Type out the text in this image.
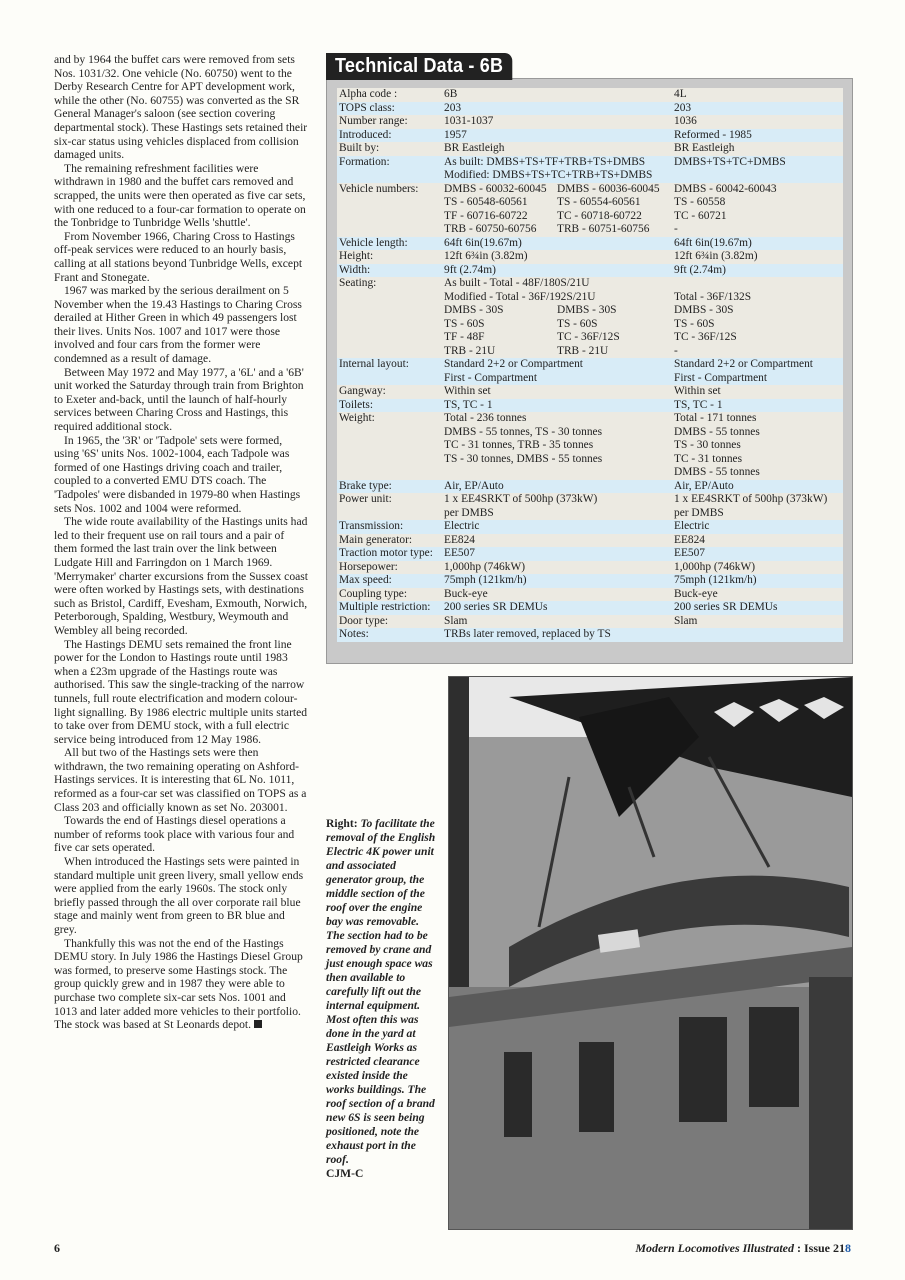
and by 1964 the buffet cars were removed from sets Nos. 1031/32. One vehicle (No. 60750) went to the Derby Research Centre for APT development work, while the other (No. 60755) was converted as the SR General Manager's saloon (see section covering departmental stock). These Hastings sets retained their six-car status using vehicles displaced from collision damaged units.

The remaining refreshment facilities were withdrawn in 1980 and the buffet cars removed and scrapped, the units were then operated as five car sets, with one reduced to a four-car formation to operate on the Tonbridge to Tunbridge Wells 'shuttle'.

From November 1966, Charing Cross to Hastings off-peak services were reduced to an hourly basis, calling at all stations beyond Tunbridge Wells, except Frant and Stonegate.

1967 was marked by the serious derailment on 5 November when the 19.43 Hastings to Charing Cross derailed at Hither Green in which 49 passengers lost their lives. Units Nos. 1007 and 1017 were those involved and four cars from the former were condemned as a result of damage.

Between May 1972 and May 1977, a '6L' and a '6B' unit worked the Saturday through train from Brighton to Exeter and-back, until the launch of half-hourly services between Charing Cross and Hastings, this required additional stock.

In 1965, the '3R' or 'Tadpole' sets were formed, using '6S' units Nos. 1002-1004, each Tadpole was formed of one Hastings driving coach and trailer, coupled to a converted EMU DTS coach. The 'Tadpoles' were disbanded in 1979-80 when Hastings sets Nos. 1002 and 1004 were reformed.

The wide route availability of the Hastings units had led to their frequent use on rail tours and a pair of them formed the last train over the link between Ludgate Hill and Farringdon on 1 March 1969. 'Merrymaker' charter excursions from the Sussex coast were often worked by Hastings sets, with destinations such as Bristol, Cardiff, Evesham, Exmouth, Norwich, Peterborough, Spalding, Westbury, Weymouth and Wembley all being recorded.

The Hastings DEMU sets remained the front line power for the London to Hastings route until 1983 when a £23m upgrade of the Hastings route was authorised. This saw the single-tracking of the narrow tunnels, full route electrification and modern colour-light signalling. By 1986 electric multiple units started to take over from DEMU stock, with a full electric service being introduced from 12 May 1986.

All but two of the Hastings sets were then withdrawn, the two remaining operating on Ashford-Hastings services. It is interesting that 6L No. 1011, reformed as a four-car set was classified on TOPS as a Class 203 and officially known as set No. 203001.

Towards the end of Hastings diesel operations a number of reforms took place with various four and five car sets operated.

When introduced the Hastings sets were painted in standard multiple unit green livery, small yellow ends were applied from the early 1960s. The stock only briefly passed through the all over corporate rail blue stage and mainly went from green to BR blue and grey.

Thankfully this was not the end of the Hastings DEMU story. In July 1986 the Hastings Diesel Group was formed, to preserve some Hastings stock. The group quickly grew and in 1987 they were able to purchase two complete six-car sets Nos. 1001 and 1013 and later added more vehicles to their portfolio. The stock was based at St Leonards depot.

Technical Data - 6B
Alpha code :	6B		4L
TOPS class:	203		203
Number range:	1031-1037		1036
Introduced:	1957		Reformed - 1985
Built by:	BR Eastleigh		BR Eastleigh
Formation:	As built: DMBS+TS+TF+TRB+TS+DMBS		DMBS+TS+TC+DMBS
	Modified: DMBS+TS+TC+TRB+TS+DMBS		
Vehicle numbers:	DMBS - 60032-60045	DMBS - 60036-60045	DMBS - 60042-60043
	TS - 60548-60561	TS - 60554-60561	TS - 60558
	TF - 60716-60722	TC - 60718-60722	TC - 60721
	TRB - 60750-60756	TRB - 60751-60756	-
Vehicle length:	64ft 6in(19.67m)		64ft 6in(19.67m)
Height:	12ft 6¾in (3.82m)		12ft 6¾in (3.82m)
Width:	9ft (2.74m)		9ft (2.74m)
Seating:	As built - Total - 48F/180S/21U		
	Modified - Total - 36F/192S/21U		Total - 36F/132S
	DMBS - 30S	DMBS - 30S	DMBS - 30S
	TS - 60S	TS - 60S	TS - 60S
	TF - 48F	TC - 36F/12S	TC - 36F/12S
	TRB - 21U	TRB - 21U	-
Internal layout:	Standard 2+2 or Compartment		Standard 2+2 or Compartment
	First - Compartment		First - Compartment
Gangway:	Within set		Within set
Toilets:	TS, TC - 1		TS, TC - 1
Weight:	Total - 236 tonnes		Total - 171 tonnes
	DMBS - 55 tonnes, TS - 30 tonnes		DMBS - 55 tonnes
	TC - 31 tonnes, TRB - 35 tonnes		TS - 30 tonnes
	TS - 30 tonnes, DMBS - 55 tonnes		TC - 31 tonnes
			DMBS - 55 tonnes
Brake type:	Air, EP/Auto		Air, EP/Auto
Power unit:	1 x EE4SRKT of 500hp (373kW)		1 x EE4SRKT of 500hp (373kW)
	per DMBS		per DMBS
Transmission:	Electric		Electric
Main generator:	EE824		EE824
Traction motor type:	EE507		EE507
Horsepower:	1,000hp (746kW)		1,000hp (746kW)
Max speed:	75mph (121km/h)		75mph (121km/h)
Coupling type:	Buck-eye		Buck-eye
Multiple restriction:	200 series SR DEMUs		200 series SR DEMUs
Door type:	Slam		Slam
Notes:	TRBs later removed, replaced by TS		
Right: To facilitate the removal of the English Electric 4K power unit and associated generator group, the middle section of the roof over the engine bay was removable. The section had to be removed by crane and just enough space was then available to carefully lift out the internal equipment. Most often this was done in the yard at Eastleigh Works as restricted clearance existed inside the works buildings. The roof section of a brand new 6S is seen being positioned, note the exhaust port in the roof.
CJM-C
6	Modern Locomotives Illustrated : Issue 218
